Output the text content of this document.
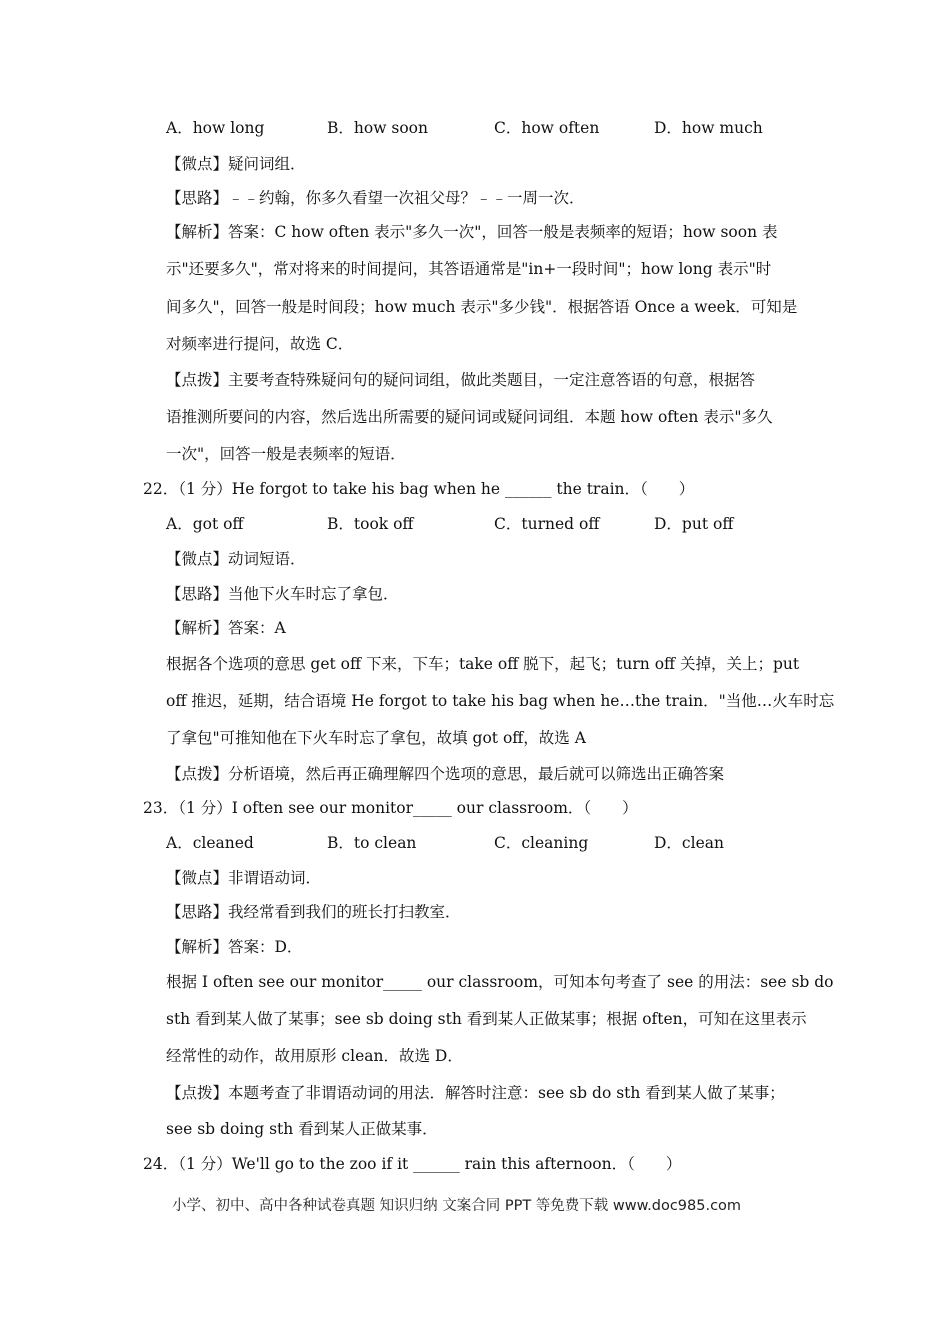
A．how long	B．how soon	C．how often	D．how much
【微点】疑问词组．
【思路】﹣﹣约翰，你多久看望一次祖父母？﹣﹣一周一次．
【解析】答案：C how often 表示"多久一次"，回答一般是表频率的短语；how soon 表
示"还要多久"，常对将来的时间提问，其答语通常是"in+一段时间"；how long 表示"时
间多久"，回答一般是时间段；how much 表示"多少钱"．根据答语 Once a week．可知是
对频率进行提问，故选 C．
【点拨】主要考查特殊疑问句的疑问词组，做此类题目，一定注意答语的句意，根据答
语推测所要问的内容，然后选出所需要的疑问词或疑问词组．本题 how often 表示"多久
一次"，回答一般是表频率的短语．
22．（1 分）He forgot to take his bag when he ______ the train．（　　）
A．got off	B．took off	C．turned off	D．put off
【微点】动词短语．
【思路】当他下火车时忘了拿包．
【解析】答案：A
根据各个选项的意思 get off 下来，下车；take off 脱下，起飞；turn off 关掉，关上；put
off 推迟，延期，结合语境 He forgot to take his bag when he…the train．"当他…火车时忘
了拿包"可推知他在下火车时忘了拿包，故填 got off，故选 A
【点拨】分析语境，然后再正确理解四个选项的意思，最后就可以筛选出正确答案
23．（1 分）I often see our monitor_____ our classroom．（　　）
A．cleaned	B．to clean	C．cleaning	D．clean
【微点】非谓语动词．
【思路】我经常看到我们的班长打扫教室．
【解析】答案：D．
根据 I often see our monitor_____ our classroom，可知本句考查了 see 的用法：see sb do
sth 看到某人做了某事；see sb doing sth 看到某人正做某事；根据 often，可知在这里表示
经常性的动作，故用原形 clean．故选 D．
【点拨】本题考查了非谓语动词的用法．解答时注意：see sb do sth 看到某人做了某事；
see sb doing sth 看到某人正做某事．
24．（1 分）We'll go to the zoo if it ______ rain this afternoon．（　　）
小学、初中、高中各种试卷真题 知识归纳 文案合同 PPT 等免费下载 www.doc985.com
